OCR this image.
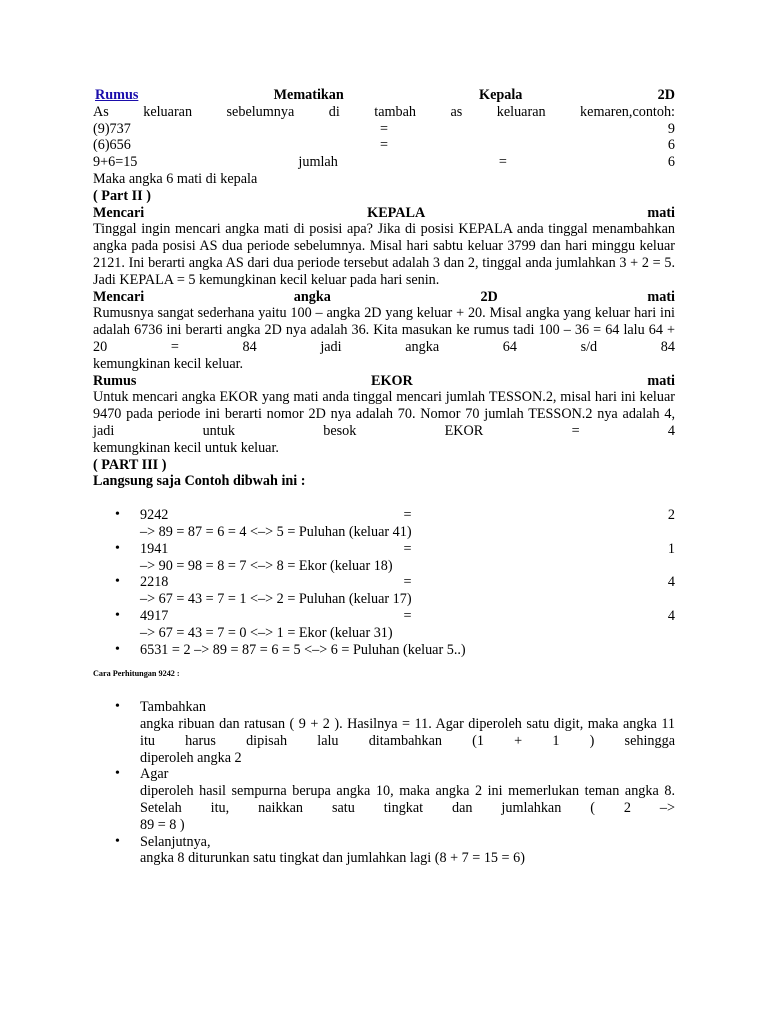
Rumus	Mematikan	Kepala	2D
As keluaran sebelumnya di tambah as keluaran kemaren,contoh:
(9)737	=	9
(6)656	=	6
9+6=15	jumlah	=	6
Maka angka 6 mati di kepala
( Part II )
Mencari KEPALA mati
Tinggal ingin mencari angka mati di posisi apa? Jika di posisi KEPALA anda tinggal menambahkan angka pada posisi AS dua periode sebelumnya. Misal hari sabtu keluar 3799 dan hari minggu keluar 2121. Ini berarti angka AS dari dua periode tersebut adalah 3 dan 2, tinggal anda jumlahkan 3 + 2 = 5.
Jadi KEPALA = 5 kemungkinan kecil keluar pada hari senin.
Mencari angka 2D mati
Rumusnya sangat sederhana yaitu 100 – angka 2D yang keluar + 20. Misal angka yang keluar hari ini adalah 6736 ini berarti angka 2D nya adalah 36. Kita masukan ke rumus tadi 100 – 36 = 64 lalu 64 + 20 = 84 jadi angka 64 s/d 84
kemungkinan kecil keluar.
Rumus EKOR mati
Untuk mencari angka EKOR yang mati anda tinggal mencari jumlah TESSON.2, misal hari ini keluar 9470 pada periode ini berarti nomor 2D nya adalah 70. Nomor 70 jumlah TESSON.2 nya adalah 4, jadi untuk besok EKOR = 4
kemungkinan kecil untuk keluar.
( PART III )
Langsung saja Contoh dibwah ini :
• 9242	=	2
–> 89 = 87 = 6 = 4 <–> 5 = Puluhan (keluar 41)
• 1941	=	1
–> 90 = 98 = 8 = 7 <–> 8 = Ekor (keluar 18)
• 2218	=	4
–> 67 = 43 = 7 = 1 <–> 2 = Puluhan (keluar 17)
• 4917	=	4
–> 67 = 43 = 7 = 0 <–> 1 = Ekor (keluar 31)
• 6531 = 2 –> 89 = 87 = 6 = 5 <–> 6 = Puluhan (keluar 5..)
Cara Perhitungan 9242 :
• Tambahkan
angka ribuan dan ratusan ( 9 + 2 ). Hasilnya = 11. Agar diperoleh satu digit, maka angka 11 itu harus dipisah lalu ditambahkan (1 + 1 ) sehingga
diperoleh angka 2
• Agar
diperoleh hasil sempurna berupa angka 10, maka angka 2 ini memerlukan teman angka 8. Setelah itu, naikkan satu tingkat dan jumlahkan ( 2 –>
89 = 8 )
• Selanjutnya,
angka 8 diturunkan satu tingkat dan jumlahkan lagi (8 + 7 = 15 = 6)
